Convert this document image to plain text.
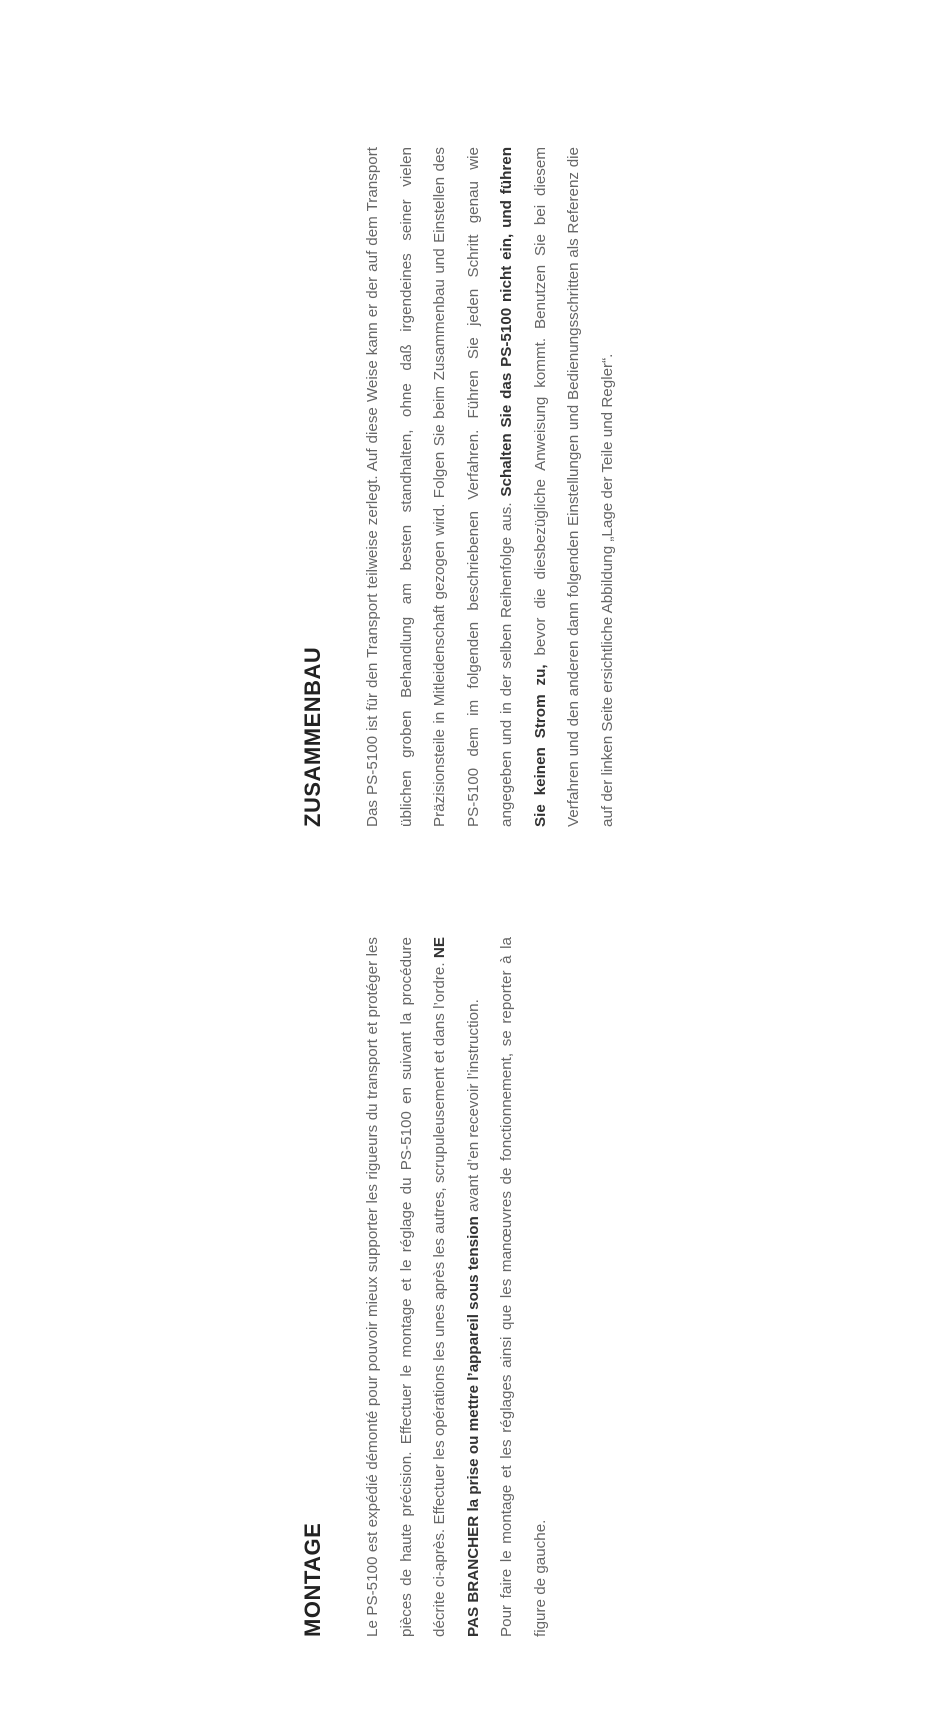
MONTAGE	Le PS-5100 est expédié démonté pour pouvoir mieux supporter les rigueurs du transport et protéger les pièces de haute précision. Effectuer le montage et le réglage du PS-5100 en suivant la procédure décrite ci-après. Effectuer les opérations les unes après les autres, scrupuleusement et dans l’ordre. NE PAS BRANCHER la prise ou mettre l’appareil sous tension avant d’en recevoir l’instruction.	Pour faire le montage et les réglages ainsi que les manœuvres de fonctionnement, se reporter à la figure de gauche.

ZUSAMMENBAU	Das PS-5100 ist für den Transport teilweise zerlegt. Auf diese Weise kann er der auf dem Transport üblichen groben Behandlung am besten standhalten, ohne daß irgendeines seiner vielen Präzisionsteile in Mitleidenschaft gezogen wird. Folgen Sie beim Zusammenbau und Einstellen des PS-5100 dem im folgenden beschriebenen Verfahren. Führen Sie jeden Schritt genau wie angegeben und in der selben Reihenfolge aus. Schalten Sie das PS-5100 nicht ein, und führen Sie keinen Strom zu, bevor die diesbezügliche Anweisung kommt. Benutzen Sie bei diesem Verfahren und den anderen dann folgenden Einstellungen und Bedienungsschritten als Referenz die auf der linken Seite ersichtliche Abbildung „Lage der Teile und Regler“.
